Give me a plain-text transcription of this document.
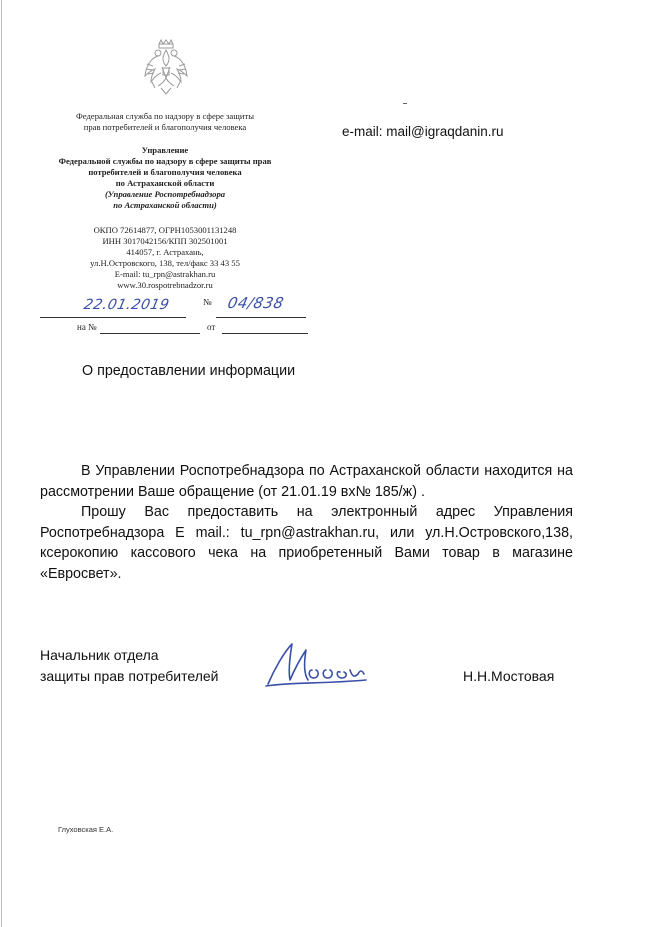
Федеральная служба по надзору в сфере защиты
прав потребителей и благополучия человека
Управление
Федеральной службы по надзору в сфере защиты прав
потребителей и благополучия человека
по Астраханской области
(Управление Роспотребнадзора
по Астраханской области)
ОКПО 72614877, ОГРН1053001131248
ИНН 3017042156/КПП 302501001
414057, г. Астрахань,
ул.Н.Островского, 138, тел/факс 33 43 55
E-mail: tu_rpn@astrakhan.ru
www.30.rospotrebnadzor.ru
e-mail: mail@igraqdanin.ru
22.01.2019	№ 04/838
на №	от
О предоставлении информации

В Управлении Роспотребнадзора по Астраханской области находится на рассмотрении Ваше обращение (от 21.01.19 вх№ 185/ж) .

Прошу Вас предоставить на электронный адрес Управления Роспотребнадзора E mail.: tu_rpn@astrakhan.ru, или ул.Н.Островского,138, ксерокопию кассового чека на приобретенный Вами товар в магазине «Евросвет».

Начальник отдела
защиты прав потребителей	Н.Н.Мостовая
Глуховская Е.А.
